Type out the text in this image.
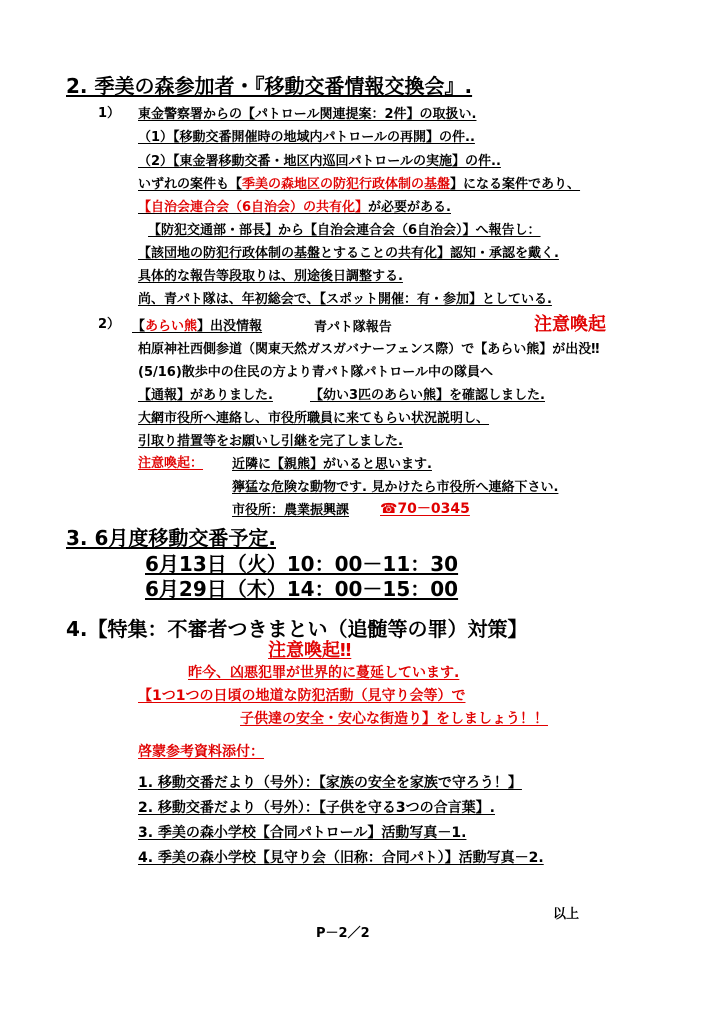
2. 季美の森参加者・『移動交番情報交換会』.
1） 東金警察署からの【パトロール関連提案：2件】の取扱い.
（1）【移動交番開催時の地域内パトロールの再開】の件..
（2）【東金署移動交番・地区内巡回パトロールの実施】の件..
いずれの案件も【季美の森地区の防犯行政体制の基盤】になる案件であり、
【自治会連合会（6自治会）の共有化】が必要がある.
【防犯交通部・部長】から【自治会連合会（6自治会）】へ報告し：
【該団地の防犯行政体制の基盤とすることの共有化】認知・承認を戴く.
具体的な報告等段取りは、別途後日調整する.
尚、青パト隊は、年初総会で、【スポット開催：有・参加】としている.
2） 【あらい熊】出没情報	青パト隊報告	注意喚起
柏原神社西側参道（関東天然ガスガバナーフェンス際）で【あらい熊】が出没‼
(5/16)散歩中の住民の方より青パト隊パトロール中の隊員へ
【通報】がありました.	【幼い3匹のあらい熊】を確認しました.
大網市役所へ連絡し、市役所職員に来てもらい状況説明し、
引取り措置等をお願いし引継を完了しました.
注意喚起： 近隣に【親熊】がいると思います.
獰猛な危険な動物です. 見かけたら市役所へ連絡下さい.
市役所：農業振興課 ☎70－0345
3. 6月度移動交番予定.
6月13日（火）10：00－11：30
6月29日（木）14：00－15：00
4.【特集：不審者つきまとい（追髄等の罪）対策】
注意喚起‼
昨今、凶悪犯罪が世界的に蔓延しています.
【1つ1つの日頃の地道な防犯活動（見守り会等）で
子供達の安全・安心な街造り】をしましょう！！
啓蒙参考資料添付：
1. 移動交番だより（号外）：【家族の安全を家族で守ろう！】
2. 移動交番だより（号外）：【子供を守る3つの合言葉】.
3. 季美の森小学校【合同パトロール】活動写真－1.
4. 季美の森小学校【見守り会（旧称：合同パト）】活動写真－2.
以上
P－2／2
